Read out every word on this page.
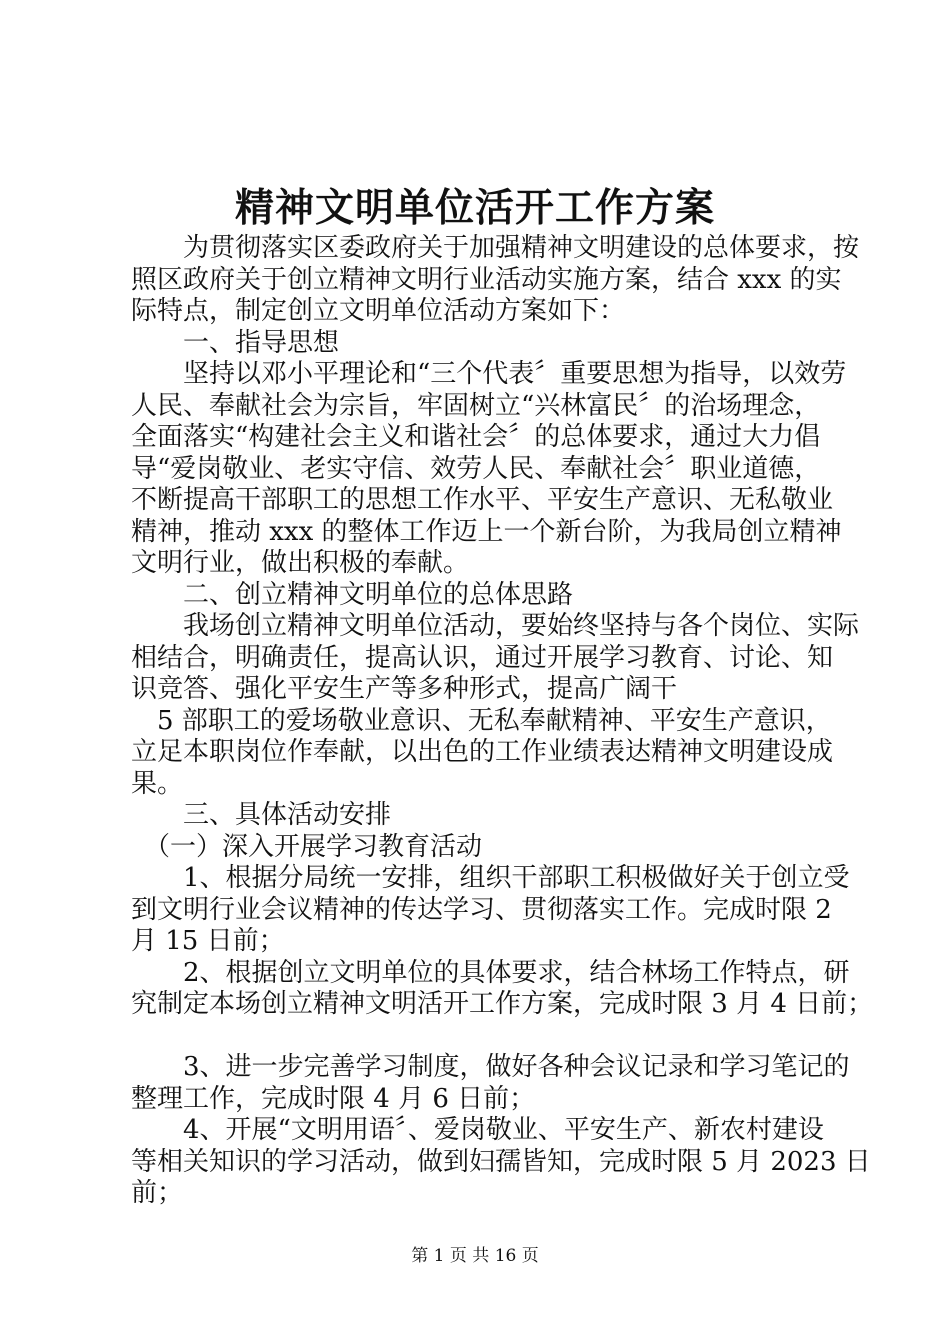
精神文明单位活开工作方案
　　为贯彻落实区委政府关于加强精神文明建设的总体要求，按
照区政府关于创立精神文明行业活动实施方案，结合 xxx 的实
际特点，制定创立文明单位活动方案如下：
　　一、指导思想
　　坚持以邓小平理论和“三个代表〞重要思想为指导，以效劳
人民、奉献社会为宗旨，牢固树立“兴林富民〞的治场理念，
全面落实“构建社会主义和谐社会〞的总体要求，通过大力倡
导“爱岗敬业、老实守信、效劳人民、奉献社会〞职业道德，
不断提高干部职工的思想工作水平、平安生产意识、无私敬业
精神，推动 xxx 的整体工作迈上一个新台阶，为我局创立精神
文明行业，做出积极的奉献。
　　二、创立精神文明单位的总体思路
　　我场创立精神文明单位活动，要始终坚持与各个岗位、实际
相结合，明确责任，提高认识，通过开展学习教育、讨论、知
识竞答、强化平安生产等多种形式，提高广阔干
　5 部职工的爱场敬业意识、无私奉献精神、平安生产意识，
立足本职岗位作奉献，以出色的工作业绩表达精神文明建设成
果。
　　三、具体活动安排
　（一）深入开展学习教育活动
　　1、根据分局统一安排，组织干部职工积极做好关于创立受
到文明行业会议精神的传达学习、贯彻落实工作。完成时限 2
月 15 日前；
　　2、根据创立文明单位的具体要求，结合林场工作特点，研
究制定本场创立精神文明活开工作方案，完成时限 3 月 4 日前；
　　3、进一步完善学习制度，做好各种会议记录和学习笔记的
整理工作，完成时限 4 月 6 日前；
　　4、开展“文明用语〞、爱岗敬业、平安生产、新农村建设
等相关知识的学习活动，做到妇孺皆知，完成时限 5 月 2023 日
前；
第 1 页 共 16 页
